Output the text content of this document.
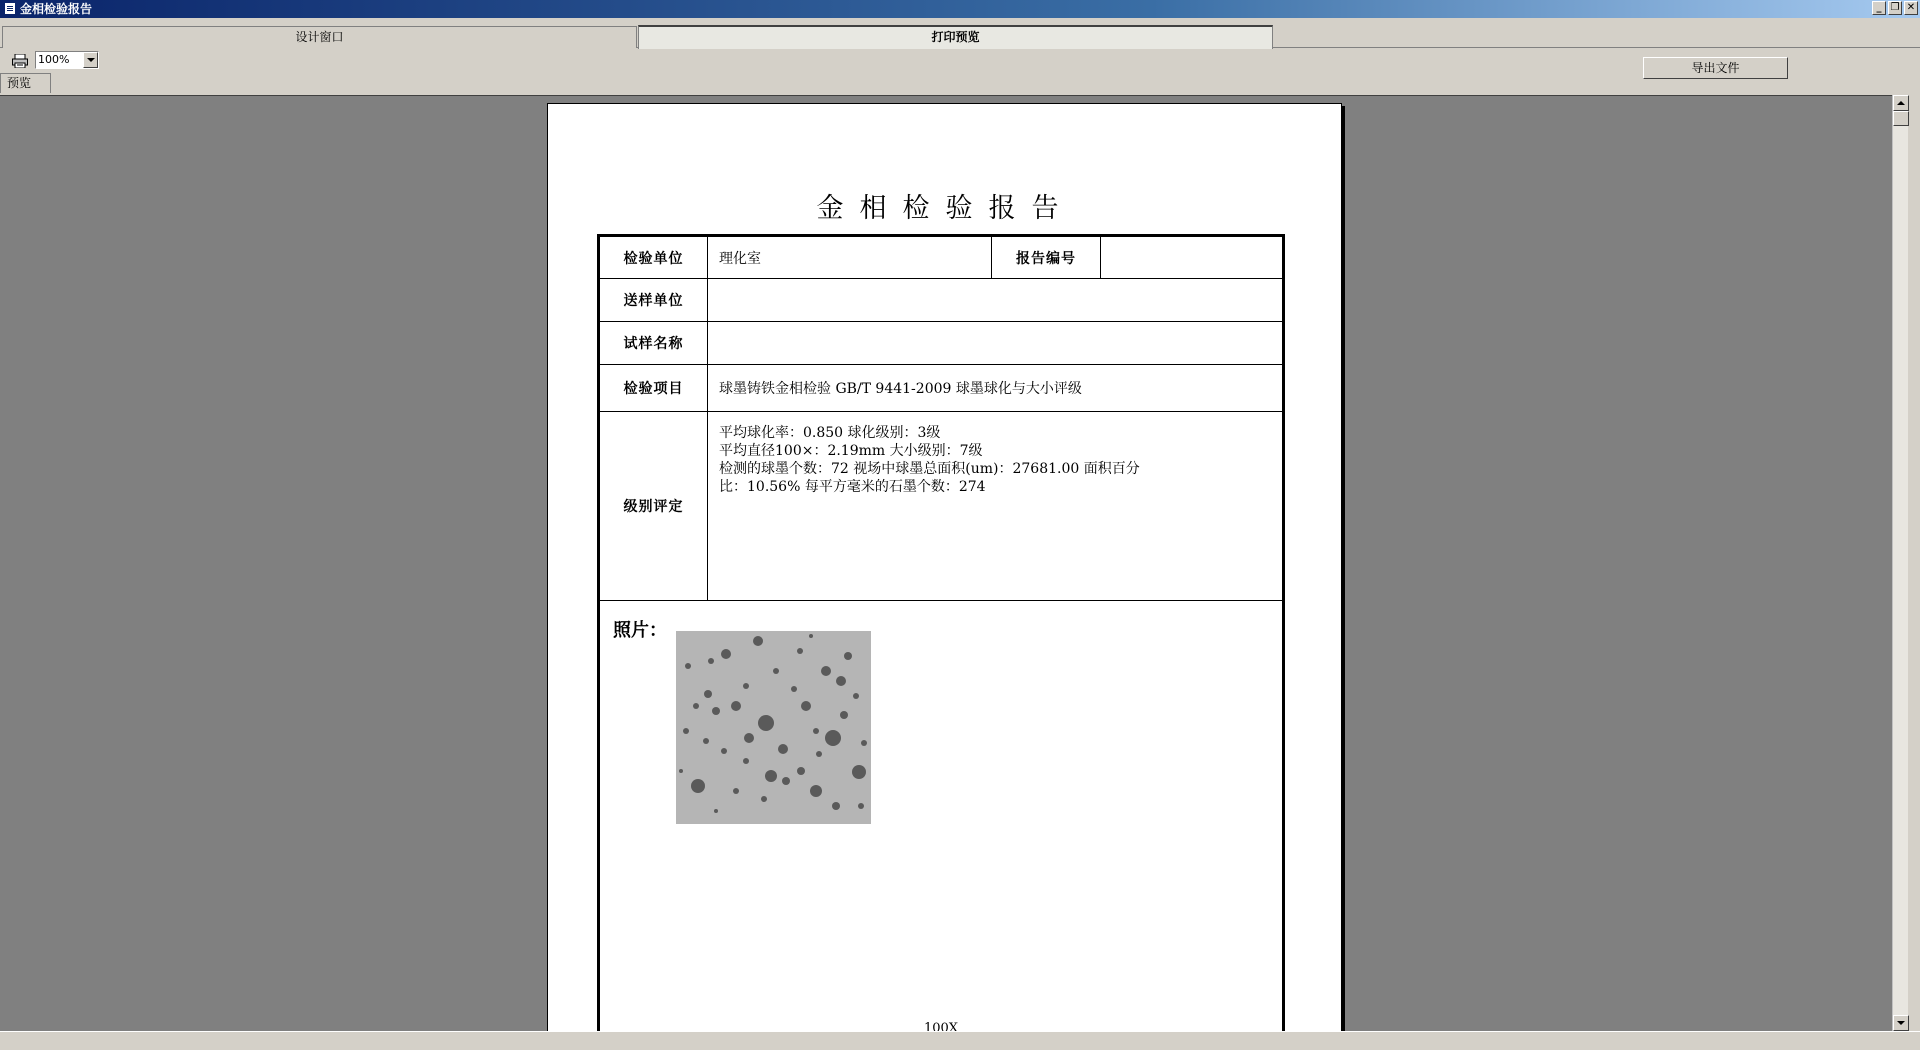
金相检验报告	_ ❐ ✕
设计窗口	打印预览
100%
导出文件
预览
金相检验报告
检验单位	理化室	报告编号	
送样单位			
试样名称			
检验项目	球墨铸铁金相检验 GB/T 9441-2009 球墨球化与大小评级		
级别评定	平均球化率：0.850 球化级别：3级
平均直径100×：2.19mm 大小级别：7级
检测的球墨个数：72 视场中球墨总面积(um)：27681.00 面积百分
比：10.56% 每平方毫米的石墨个数：274		

照片：
100X			
